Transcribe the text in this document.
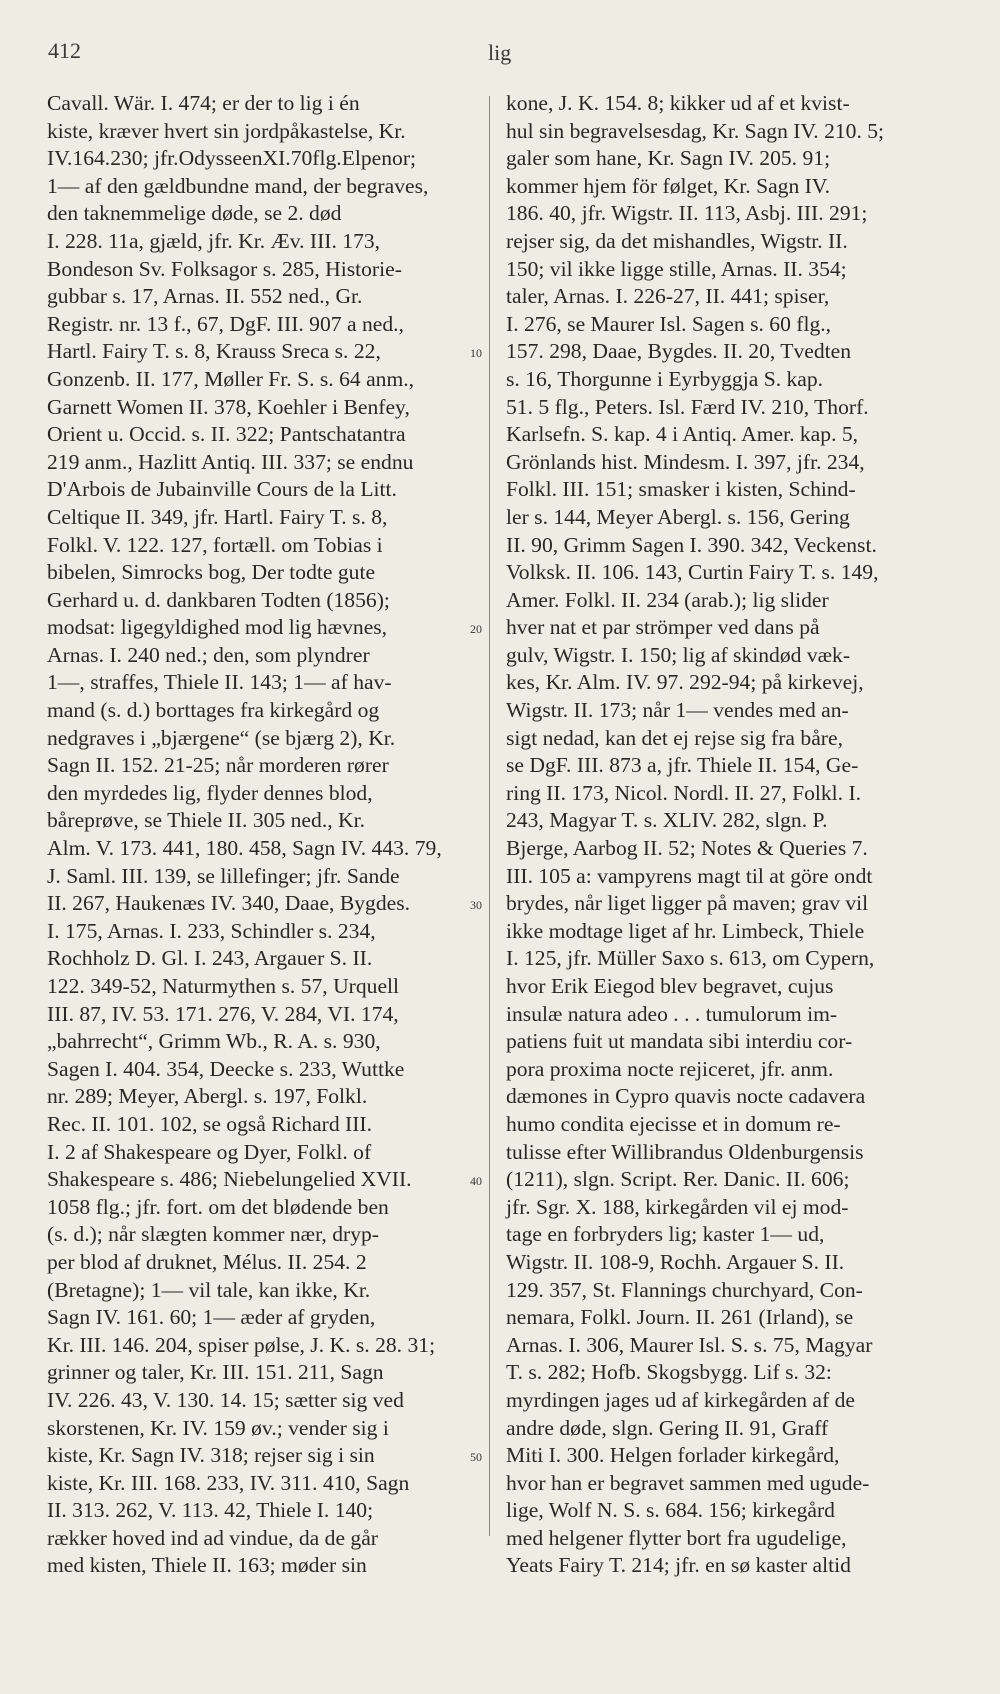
412	lig
Cavall. Wär. I. 474; er der to lig i én
kiste, kræver hvert sin jordpåkastelse, Kr.
IV.164.230; jfr.OdysseenXI.70flg.Elpenor;
1— af den gældbundne mand, der begraves,
den taknemmelige døde, se 2. død
I. 228. 11a, gjæld, jfr. Kr. Æv. III. 173,
Bondeson Sv. Folksagor s. 285, Historie-
gubbar s. 17, Arnas. II. 552 ned., Gr.
Registr. nr. 13 f., 67, DgF. III. 907 a ned.,
Hartl. Fairy T. s. 8, Krauss Sreca s. 22,
Gonzenb. II. 177, Møller Fr. S. s. 64 anm.,
Garnett Women II. 378, Koehler i Benfey,
Orient u. Occid. s. II. 322; Pantschatantra
219 anm., Hazlitt Antiq. III. 337; se endnu
D'Arbois de Jubainville Cours de la Litt.
Celtique II. 349, jfr. Hartl. Fairy T. s. 8,
Folkl. V. 122. 127, fortæll. om Tobias i
bibelen, Simrocks bog, Der todte gute
Gerhard u. d. dankbaren Todten (1856);
modsat: ligegyldighed mod lig hævnes,
Arnas. I. 240 ned.; den, som plyndrer
1—, straffes, Thiele II. 143; 1— af hav-
mand (s. d.) borttages fra kirkegård og
nedgraves i „bjærgene“ (se bjærg 2), Kr.
Sagn II. 152. 21-25; når morderen rører
den myrdedes lig, flyder dennes blod,
båreprøve, se Thiele II. 305 ned., Kr.
Alm. V. 173. 441, 180. 458, Sagn IV. 443. 79,
J. Saml. III. 139, se lillefinger; jfr. Sande
II. 267, Haukenæs IV. 340, Daae, Bygdes.
I. 175, Arnas. I. 233, Schindler s. 234,
Rochholz D. Gl. I. 243, Argauer S. II.
122. 349-52, Naturmythen s. 57, Urquell
III. 87, IV. 53. 171. 276, V. 284, VI. 174,
„bahrrecht“, Grimm Wb., R. A. s. 930,
Sagen I. 404. 354, Deecke s. 233, Wuttke
nr. 289; Meyer, Abergl. s. 197, Folkl.
Rec. II. 101. 102, se også Richard III.
I. 2 af Shakespeare og Dyer, Folkl. of
Shakespeare s. 486; Niebelungelied XVII.
1058 flg.; jfr. fort. om det blødende ben
(s. d.); når slægten kommer nær, dryp-
per blod af druknet, Mélus. II. 254. 2
(Bretagne); 1— vil tale, kan ikke, Kr.
Sagn IV. 161. 60; 1— æder af gryden,
Kr. III. 146. 204, spiser pølse, J. K. s. 28. 31;
grinner og taler, Kr. III. 151. 211, Sagn
IV. 226. 43, V. 130. 14. 15; sætter sig ved
skorstenen, Kr. IV. 159 øv.; vender sig i
kiste, Kr. Sagn IV. 318; rejser sig i sin
kiste, Kr. III. 168. 233, IV. 311. 410, Sagn
II. 313. 262, V. 113. 42, Thiele I. 140;
rækker hoved ind ad vindue, da de går
med kisten, Thiele II. 163; møder sin
10
20
30
40
50
kone, J. K. 154. 8; kikker ud af et kvist-
hul sin begravelsesdag, Kr. Sagn IV. 210. 5;
galer som hane, Kr. Sagn IV. 205. 91;
kommer hjem för følget, Kr. Sagn IV.
186. 40, jfr. Wigstr. II. 113, Asbj. III. 291;
rejser sig, da det mishandles, Wigstr. II.
150; vil ikke ligge stille, Arnas. II. 354;
taler, Arnas. I. 226-27, II. 441; spiser,
I. 276, se Maurer Isl. Sagen s. 60 flg.,
157. 298, Daae, Bygdes. II. 20, Tvedten
s. 16, Thorgunne i Eyrbyggja S. kap.
51. 5 flg., Peters. Isl. Færd IV. 210, Thorf.
Karlsefn. S. kap. 4 i Antiq. Amer. kap. 5,
Grönlands hist. Mindesm. I. 397, jfr. 234,
Folkl. III. 151; smasker i kisten, Schind-
ler s. 144, Meyer Abergl. s. 156, Gering
II. 90, Grimm Sagen I. 390. 342, Veckenst.
Volksk. II. 106. 143, Curtin Fairy T. s. 149,
Amer. Folkl. II. 234 (arab.); lig slider
hver nat et par strömper ved dans på
gulv, Wigstr. I. 150; lig af skindød væk-
kes, Kr. Alm. IV. 97. 292-94; på kirkevej,
Wigstr. II. 173; når 1— vendes med an-
sigt nedad, kan det ej rejse sig fra båre,
se DgF. III. 873 a, jfr. Thiele II. 154, Ge-
ring II. 173, Nicol. Nordl. II. 27, Folkl. I.
243, Magyar T. s. XLIV. 282, slgn. P.
Bjerge, Aarbog II. 52; Notes & Queries 7.
III. 105 a: vampyrens magt til at göre ondt
brydes, når liget ligger på maven; grav vil
ikke modtage liget af hr. Limbeck, Thiele
I. 125, jfr. Müller Saxo s. 613, om Cypern,
hvor Erik Eiegod blev begravet, cujus
insulæ natura adeo . . . tumulorum im-
patiens fuit ut mandata sibi interdiu cor-
pora proxima nocte rejiceret, jfr. anm.
dæmones in Cypro quavis nocte cadavera
humo condita ejecisse et in domum re-
tulisse efter Willibrandus Oldenburgensis
(1211), slgn. Script. Rer. Danic. II. 606;
jfr. Sgr. X. 188, kirkegården vil ej mod-
tage en forbryders lig; kaster 1— ud,
Wigstr. II. 108-9, Rochh. Argauer S. II.
129. 357, St. Flannings churchyard, Con-
nemara, Folkl. Journ. II. 261 (Irland), se
Arnas. I. 306, Maurer Isl. S. s. 75, Magyar
T. s. 282; Hofb. Skogsbygg. Lif s. 32:
myrdingen jages ud af kirkegården af de
andre døde, slgn. Gering II. 91, Graff
Miti I. 300. Helgen forlader kirkegård,
hvor han er begravet sammen med ugude-
lige, Wolf N. S. s. 684. 156; kirkegård
med helgener flytter bort fra ugudelige,
Yeats Fairy T. 214; jfr. en sø kaster altid
